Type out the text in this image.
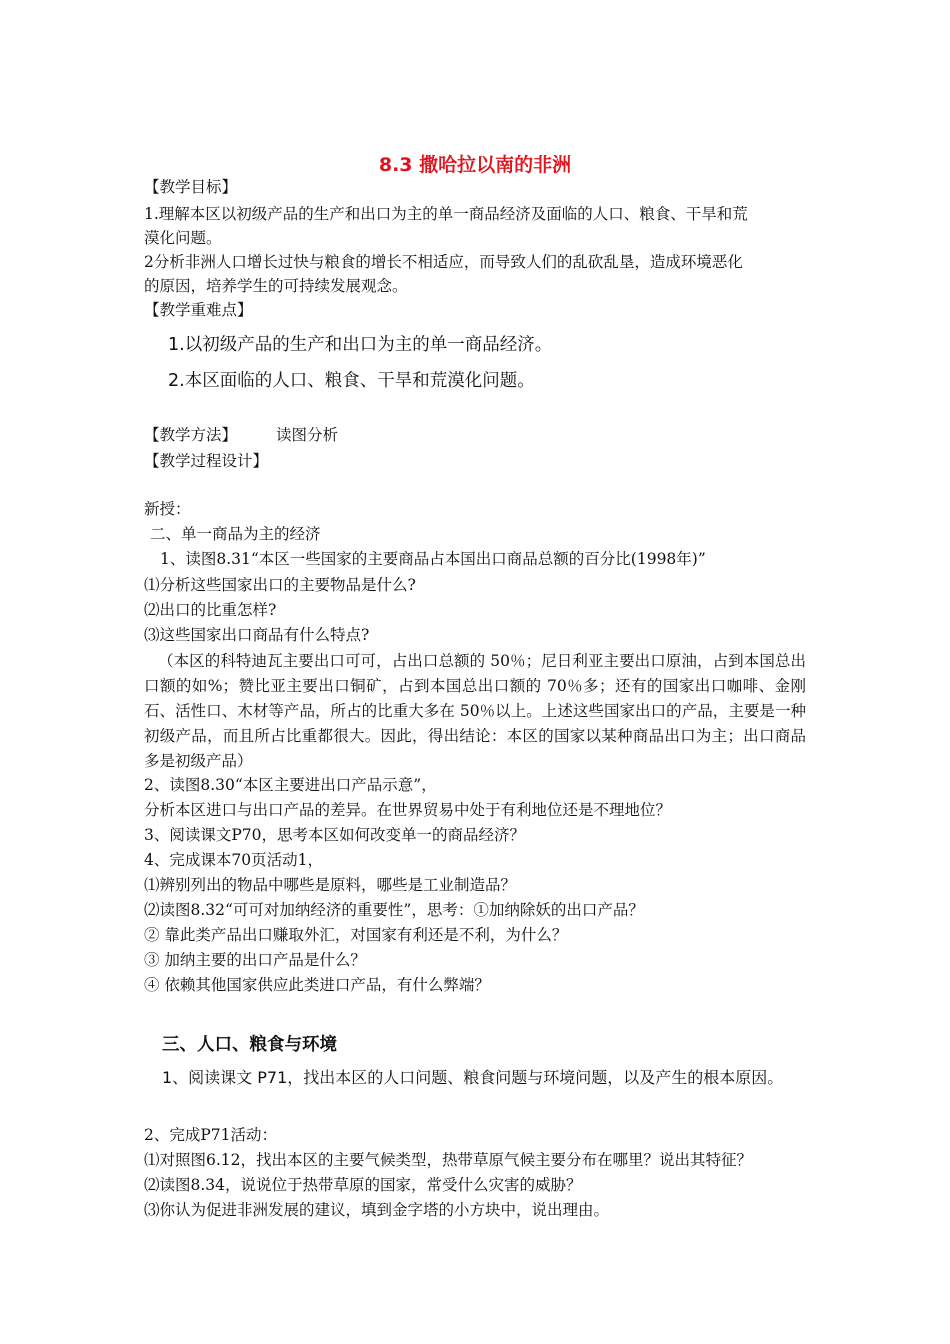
8.3 撒哈拉以南的非洲
【教学目标】
1.理解本区以初级产品的生产和出口为主的单一商品经济及面临的人口、粮食、干旱和荒
漠化问题。
2分析非洲人口增长过快与粮食的增长不相适应，而导致人们的乱砍乱垦，造成环境恶化
的原因，培养学生的可持续发展观念。
【教学重难点】
1.以初级产品的生产和出口为主的单一商品经济。
2.本区面临的人口、粮食、干旱和荒漠化问题。
【教学方法】	读图分析
【教学过程设计】
新授：
二、单一商品为主的经济
1、读图8.31“本区一些国家的主要商品占本国出口商品总额的百分比(1998年)”
⑴分析这些国家出口的主要物品是什么?
⑵出口的比重怎样?
⑶这些国家出口商品有什么特点?
（本区的科特迪瓦主要出口可可，占出口总额的 50％；尼日利亚主要出口原油，占到本国总出口额的如%；赞比亚主要出口铜矿，占到本国总出口额的 70％多；还有的国家出口咖啡、金刚石、活性口、木材等产品，所占的比重大多在 50％以上。上述这些国家出口的产品，主要是一种初级产品，而且所占比重都很大。因此，得出结论：本区的国家以某种商品出口为主；出口商品多是初级产品）
2、读图8.30“本区主要进出口产品示意”，
分析本区进口与出口产品的差异。在世界贸易中处于有利地位还是不理地位？
3、阅读课文P70，思考本区如何改变单一的商品经济？
4、完成课本70页活动1，
⑴辨别列出的物品中哪些是原料，哪些是工业制造品？
⑵读图8.32“可可对加纳经济的重要性”，思考：①加纳除妖的出口产品？
② 靠此类产品出口赚取外汇，对国家有利还是不利，为什么？
③ 加纳主要的出口产品是什么？
④ 依赖其他国家供应此类进口产品，有什么弊端？
三、人口、粮食与环境
1、阅读课文 P71，找出本区的人口问题、粮食问题与环境问题，以及产生的根本原因。
2、完成P71活动：
⑴对照图6.12，找出本区的主要气候类型，热带草原气候主要分布在哪里？说出其特征？
⑵读图8.34，说说位于热带草原的国家，常受什么灾害的威胁？
⑶你认为促进非洲发展的建议，填到金字塔的小方块中，说出理由。
